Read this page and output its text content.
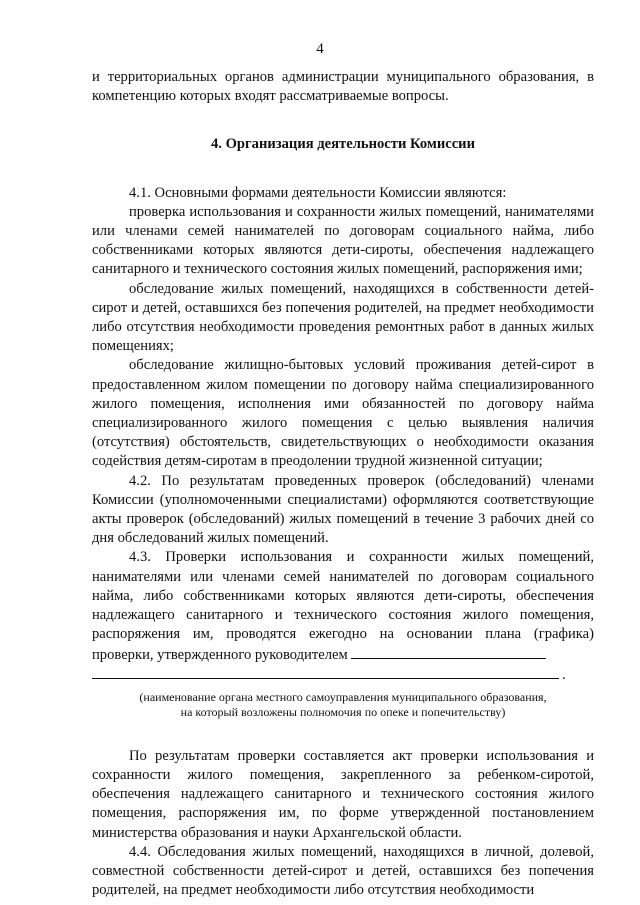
4

и территориальных органов администрации муниципального образования, в компетенцию которых входят рассматриваемые вопросы.

4. Организация деятельности Комиссии

4.1. Основными формами деятельности Комиссии являются:

проверка использования и сохранности жилых помещений, нанимателями или членами семей нанимателей по договорам социального найма, либо собственниками которых являются дети-сироты, обеспечения надлежащего санитарного и технического состояния жилых помещений, распоряжения ими;

обследование жилых помещений, находящихся в собственности детей-сирот и детей, оставшихся без попечения родителей, на предмет необходимости либо отсутствия необходимости проведения ремонтных работ в данных жилых помещениях;

обследование жилищно-бытовых условий проживания детей-сирот в предоставленном жилом помещении по договору найма специализированного жилого помещения, исполнения ими обязанностей по договору найма специализированного жилого помещения с целью выявления наличия (отсутствия) обстоятельств, свидетельствующих о необходимости оказания содействия детям-сиротам в преодолении трудной жизненной ситуации;

4.2. По результатам проведенных проверок (обследований) членами Комиссии (уполномоченными специалистами) оформляются соответствующие акты проверок (обследований) жилых помещений в течение 3 рабочих дней со дня обследований жилых помещений.

4.3. Проверки использования и сохранности жилых помещений, нанимателями или членами семей нанимателей по договорам социального найма, либо собственниками которых являются дети-сироты, обеспечения надлежащего санитарного и технического состояния жилого помещения, распоряжения им, проводятся ежегодно на основании плана (графика) проверки, утвержденного руководителем

.
(наименование органа местного самоуправления муниципального образования,
на который возложены полномочия по опеке и попечительству)

По результатам проверки составляется акт проверки использования и сохранности жилого помещения, закрепленного за ребенком-сиротой, обеспечения надлежащего санитарного и технического состояния жилого помещения, распоряжения им, по форме утвержденной постановлением министерства образования и науки Архангельской области.

4.4. Обследования жилых помещений, находящихся в личной, долевой, совместной собственности детей-сирот и детей, оставшихся без попечения родителей, на предмет необходимости либо отсутствия необходимости
